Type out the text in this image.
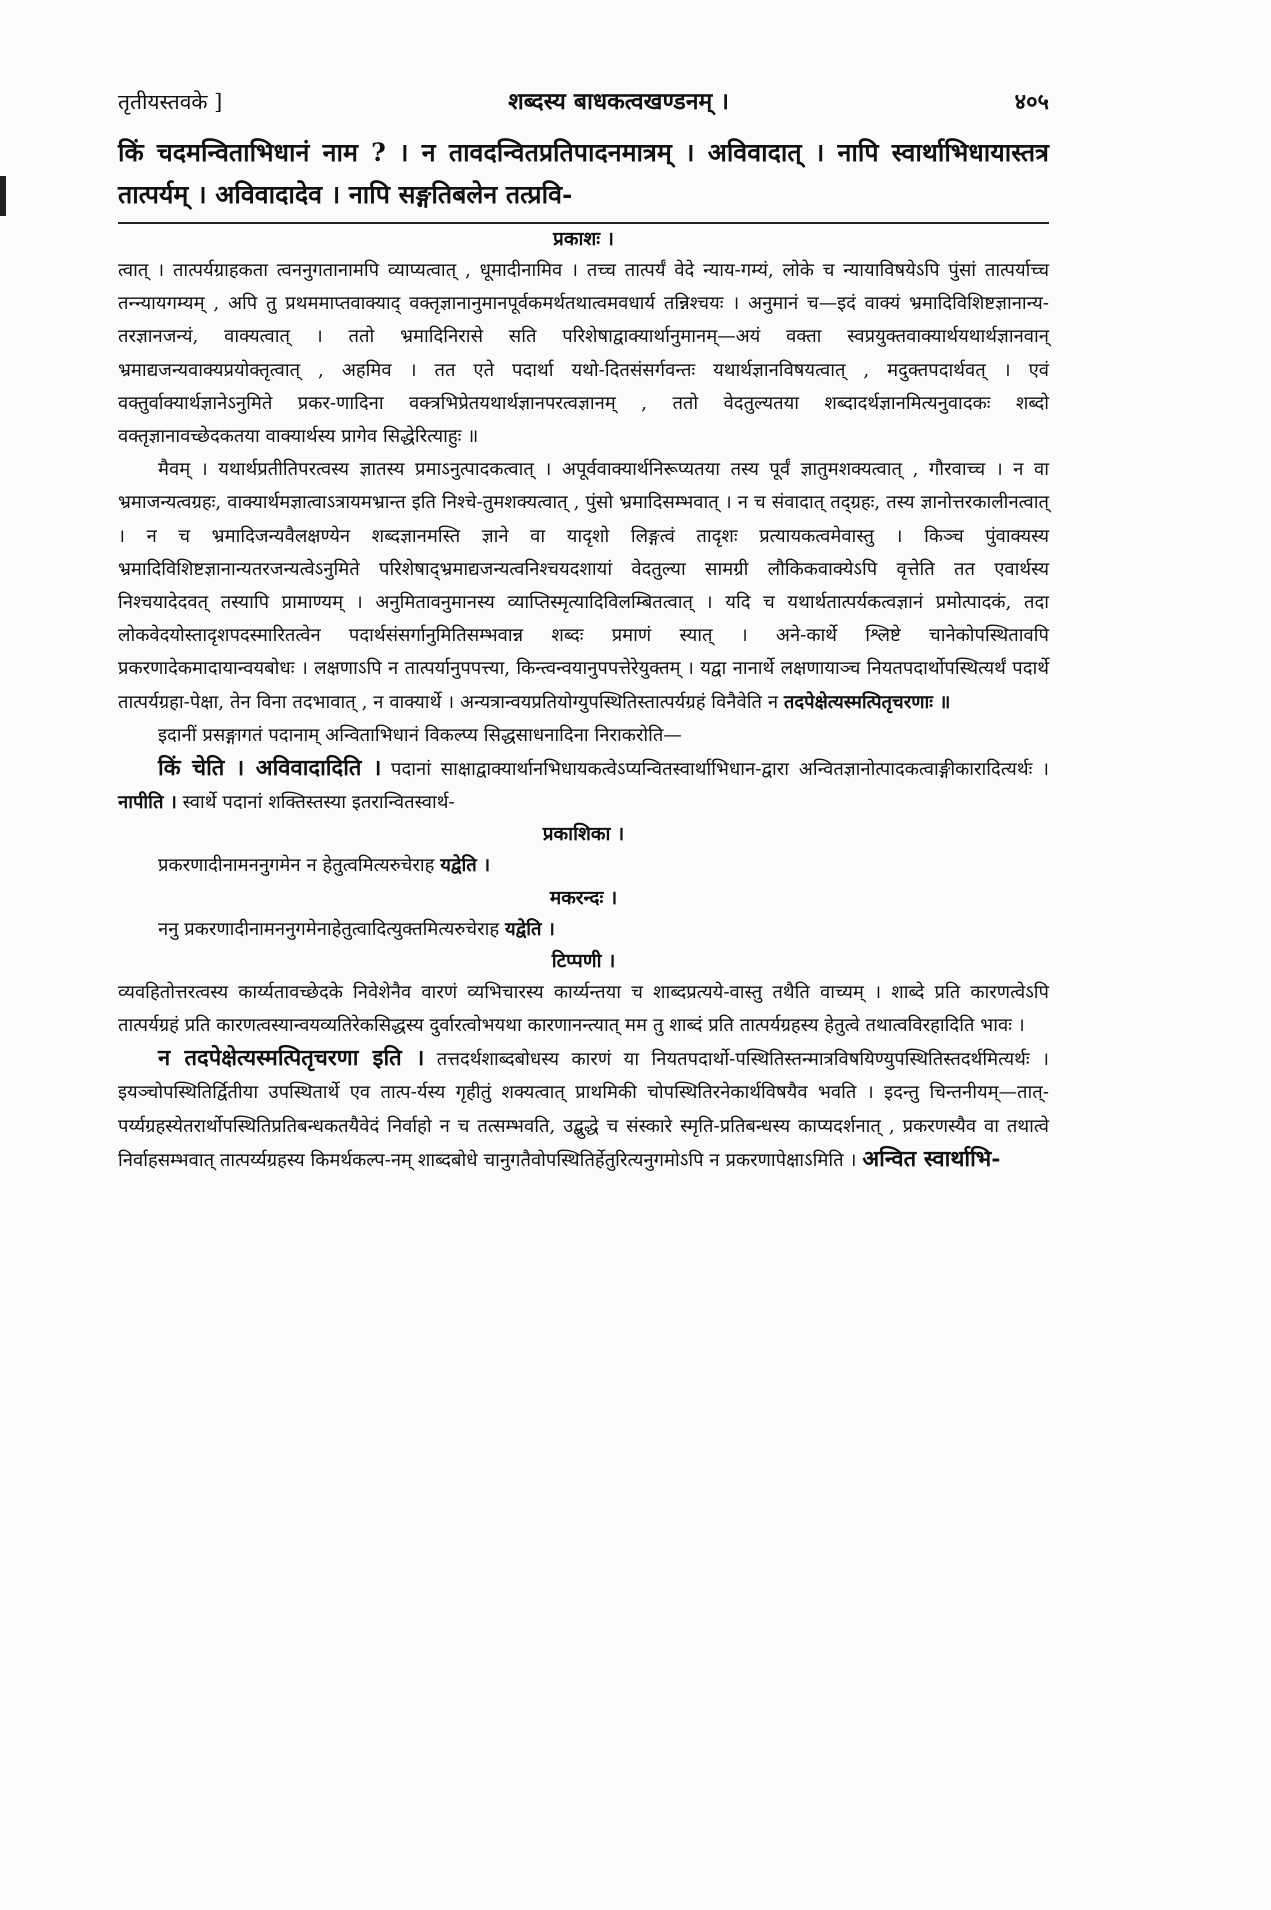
तृतीयस्तवके ]	शब्दस्य बाधकत्वखण्डनम् ।	४०५
किं चदमन्विताभिधानं नाम ? । न तावदन्वितप्रतिपादनमात्रम् । अविवादात् । नापि स्वार्थाभिधायास्तत्र तात्पर्यम् । अविवादादेव । नापि सङ्गतिबलेन तत्प्रवि-
प्रकाशः ।

त्वात् । तात्पर्यग्राहकता त्वननुगतानामपि व्याप्यत्वात् , धूमादीनामिव । तच्च तात्पर्यं वेदे न्याय-गम्यं, लोके च न्यायाविषयेऽपि पुंसां तात्पर्याच्च तन्न्यायगम्यम् , अपि तु प्रथममाप्तवाक्याद् वक्तृज्ञानानुमानपूर्वकमर्थतथात्वमवधार्य तन्निश्चयः । अनुमानं च—इदं वाक्यं भ्रमादिविशिष्टज्ञानान्य-तरज्ञानजन्यं, वाक्यत्वात् । ततो भ्रमादिनिरासे सति परिशेषाद्वाक्यार्थानुमानम्—अयं वक्ता स्वप्रयुक्तवाक्यार्थयथार्थज्ञानवान् भ्रमाद्यजन्यवाक्यप्रयोक्तृत्वात् , अहमिव । तत एते पदार्था यथो-दितसंसर्गवन्तः यथार्थज्ञानविषयत्वात् , मदुक्तपदार्थवत् । एवं वक्तुर्वाक्यार्थज्ञानेऽनुमिते प्रकर-णादिना वक्त्रभिप्रेतयथार्थज्ञानपरत्वज्ञानम् , ततो वेदतुल्यतया शब्दादर्थज्ञानमित्यनुवादकः शब्दो वक्तृज्ञानावच्छेदकतया वाक्यार्थस्य प्रागेव सिद्धेरित्याहुः ॥

मैवम् । यथार्थप्रतीतिपरत्वस्य ज्ञातस्य प्रमाऽनुत्पादकत्वात् । अपूर्ववाक्यार्थनिरूप्यतया तस्य पूर्वं ज्ञातुमशक्यत्वात् , गौरवाच्च । न वा भ्रमाजन्यत्वग्रहः, वाक्यार्थमज्ञात्वाऽत्रायमभ्रान्त इति निश्चे-तुमशक्यत्वात् , पुंसो भ्रमादिसम्भवात् । न च संवादात् तद्ग्रहः, तस्य ज्ञानोत्तरकालीनत्वात् । न च भ्रमादिजन्यवैलक्षण्येन शब्दज्ञानमस्ति ज्ञाने वा यादृशो लिङ्गत्वं तादृशः प्रत्यायकत्वमेवास्तु । किञ्च पुंवाक्यस्य भ्रमादिविशिष्टज्ञानान्यतरजन्यत्वेऽनुमिते परिशेषाद्भ्रमाद्यजन्यत्वनिश्चयदशायां वेदतुल्या सामग्री लौकिकवाक्येऽपि वृत्तेति तत एवार्थस्य निश्चयादेदवत् तस्यापि प्रामाण्यम् । अनुमितावनुमानस्य व्याप्तिस्मृत्यादिविलम्बितत्वात् । यदि च यथार्थतात्पर्यकत्वज्ञानं प्रमोत्पादकं, तदा लोकवेदयोस्तादृशपदस्मारितत्वेन पदार्थसंसर्गानुमितिसम्भवान्न शब्दः प्रमाणं स्यात् । अने-कार्थे श्लिष्टे चानेकोपस्थितावपि प्रकरणादेकमादायान्वयबोधः । लक्षणाऽपि न तात्पर्यानुपपत्त्या, किन्त्वन्वयानुपपत्तेरेयुक्तम् । यद्वा नानार्थे लक्षणायाञ्च नियतपदार्थोपस्थित्यर्थं पदार्थे तात्पर्यग्रहा-पेक्षा, तेन विना तदभावात् , न वाक्यार्थे । अन्यत्रान्वयप्रतियोग्युपस्थितिस्तात्पर्यग्रहं विनैवेति न तदपेक्षेत्यस्मत्पितृचरणाः ॥

इदानीं प्रसङ्गागतं पदानाम् अन्विताभिधानं विकल्प्य सिद्धसाधनादिना निराकरोति—

किं चेति । अविवादादिति । पदानां साक्षाद्वाक्यार्थानभिधायकत्वेऽप्यन्वितस्वार्थाभिधान-द्वारा अन्वितज्ञानोत्पादकत्वाङ्गीकारादित्यर्थः । नापीति । स्वार्थे पदानां शक्तिस्तस्या इतरान्वितस्वार्थ-

प्रकाशिका ।

प्रकरणादीनामननुगमेन न हेतुत्वमित्यरुचेराह यद्वेति ।

मकरन्दः ।

ननु प्रकरणादीनामननुगमेनाहेतुत्वादित्युक्तमित्यरुचेराह यद्वेति ।

टिप्पणी ।

व्यवहितोत्तरत्वस्य कार्य्यतावच्छेदके निवेशेनैव वारणं व्यभिचारस्य कार्य्यन्तया च शाब्दप्रत्यये-वास्तु तथैति वाच्यम् । शाब्दे प्रति कारणत्वेऽपि तात्पर्यग्रहं प्रति कारणत्वस्यान्वयव्यतिरेकसिद्धस्य दुर्वारत्वोभयथा कारणानन्त्यात् मम तु शाब्दं प्रति तात्पर्यग्रहस्य हेतुत्वे तथात्वविरहादिति भावः ।

न तदपेक्षेत्यस्मत्पितृचरणा इति । तत्तदर्थशाब्दबोधस्य कारणं या नियतपदार्थो-पस्थितिस्तन्मात्रविषयिण्युपस्थितिस्तदर्थमित्यर्थः । इयञ्चोपस्थितिर्द्वितीया उपस्थितार्थे एव तात्प-र्यस्य गृहीतुं शक्यत्वात् प्राथमिकी चोपस्थितिरनेकार्थविषयैव भवति । इदन्तु चिन्तनीयम्—तात्-पर्य्यग्रहस्येतरार्थोपस्थितिप्रतिबन्धकतयैवेदं निर्वाहो न च तत्सम्भवति, उद्बुद्धे च संस्कारे स्मृति-प्रतिबन्धस्य काप्यदर्शनात् , प्रकरणस्यैव वा तथात्वे निर्वाहसम्भवात् तात्पर्य्यग्रहस्य किमर्थकल्प-नम् शाब्दबोधे चानुगतैवोपस्थितिर्हेतुरित्यनुगमोऽपि न प्रकरणापेक्षाऽमिति । अन्वित स्वार्थाभि-
